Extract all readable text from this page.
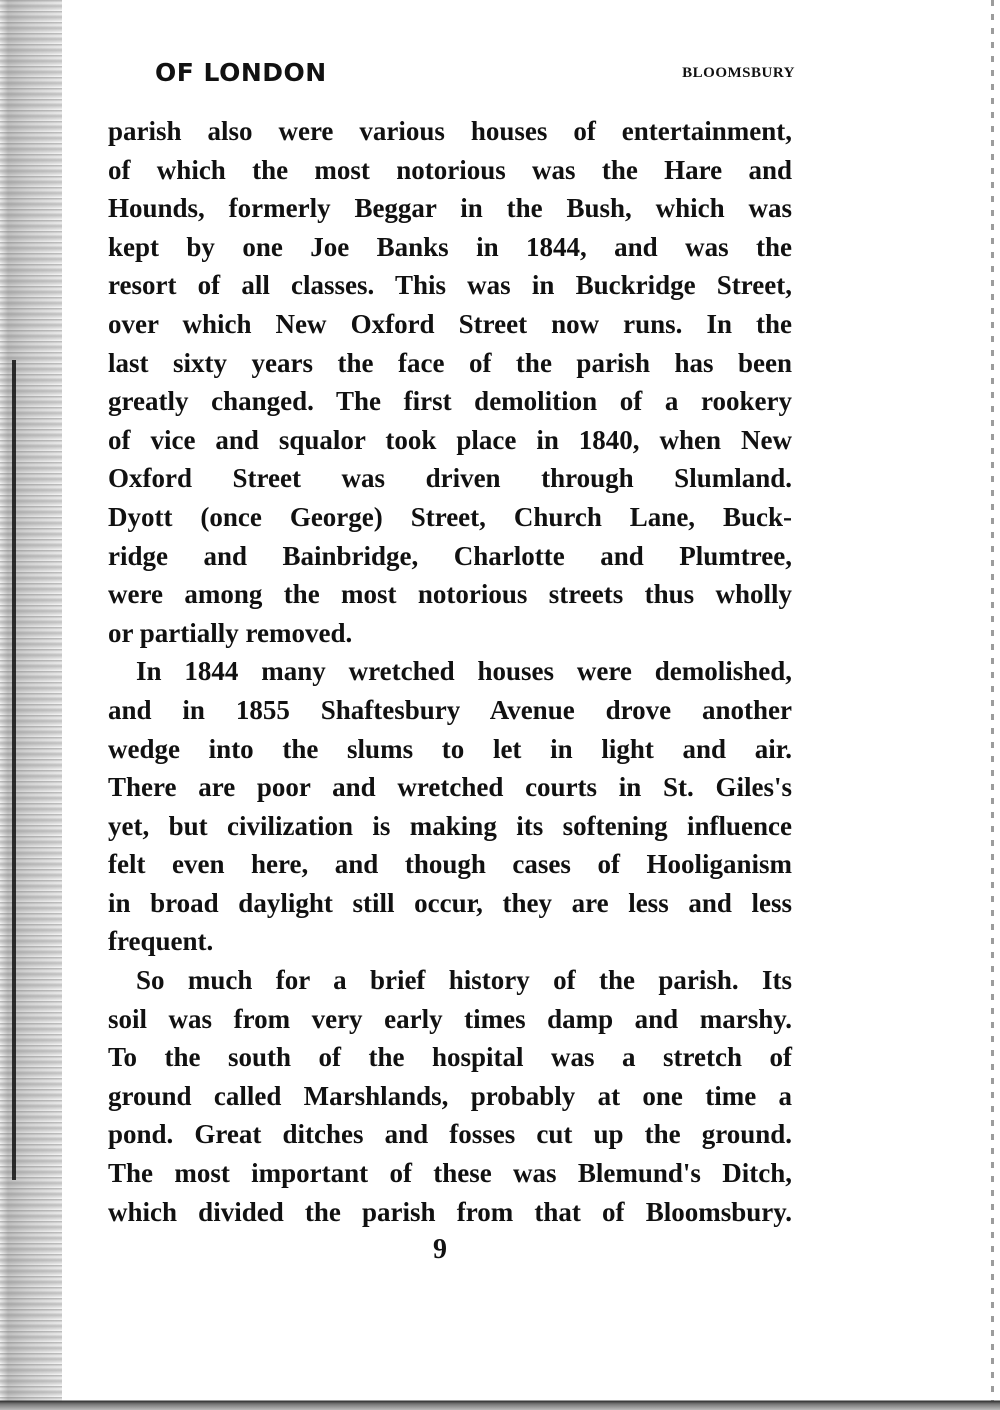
OF LONDON	BLOOMSBURY
parish also were various houses of entertainment,
of which the most notorious was the Hare and
Hounds, formerly Beggar in the Bush, which was
kept by one Joe Banks in 1844, and was the
resort of all classes. This was in Buckridge Street,
over which New Oxford Street now runs. In the
last sixty years the face of the parish has been
greatly changed. The first demolition of a rookery
of vice and squalor took place in 1840, when New
Oxford Street was driven through Slumland.
Dyott (once George) Street, Church Lane, Buck-
ridge and Bainbridge, Charlotte and Plumtree,
were among the most notorious streets thus wholly
or partially removed.
In 1844 many wretched houses were demolished,
and in 1855 Shaftesbury Avenue drove another
wedge into the slums to let in light and air.
There are poor and wretched courts in St. Giles's
yet, but civilization is making its softening influence
felt even here, and though cases of Hooliganism
in broad daylight still occur, they are less and less
frequent.
So much for a brief history of the parish. Its
soil was from very early times damp and marshy.
To the south of the hospital was a stretch of
ground called Marshlands, probably at one time a
pond. Great ditches and fosses cut up the ground.
The most important of these was Blemund's Ditch,
which divided the parish from that of Bloomsbury.
9
